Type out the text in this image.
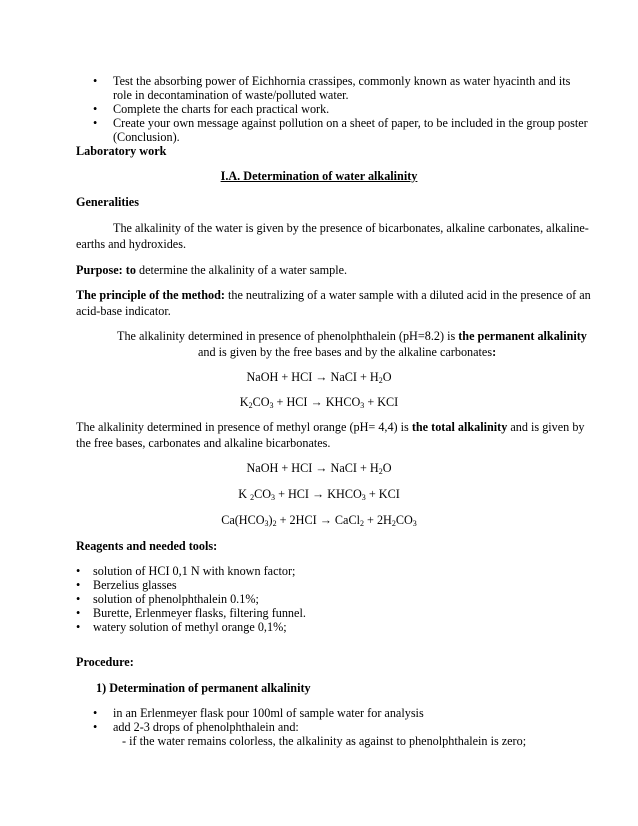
• Test the absorbing power of Eichhornia crassipes, commonly known as water hyacinth and its
role in decontamination of waste/polluted water.
• Complete the charts for each practical work.
• Create your own message against pollution on a sheet of paper, to be included in the group poster
(Conclusion).
Laboratory work
I.A. Determination of water alkalinity
Generalities
The alkalinity of the water is given by the presence of bicarbonates, alkaline carbonates, alkaline-
earths and hydroxides.
Purpose: to determine the alkalinity of a water sample.
The principle of the method: the neutralizing of a water sample with a diluted acid in the presence of an
acid-base indicator.
The alkalinity determined in presence of phenolphthalein (pH=8.2) is the permanent alkalinity
and is given by the free bases and by the alkaline carbonates:
NaOH + HCI → NaCI + $H_2O$
$K_2CO_3$ + HCI → $KHCO_3$ + KCI
The alkalinity determined in presence of methyl orange (pH= 4,4) is the total alkalinity and is given by
the free bases, carbonates and alkaline bicarbonates.
NaOH + HCI → NaCI + $H_2O$
K $_2CO_3$ + HCI → $KHCO_3$ + KCI
$Ca(HCO_3)_2 + 2HCI$ → CaCl$_2$ + $2H_2CO_3$
Reagents and needed tools:
• solution of HCI 0,1 N with known factor;
• Berzelius glasses
• solution of phenolphthalein 0.1%;
• Burette, Erlenmeyer flasks, filtering funnel.
• watery solution of methyl orange 0,1%;
Procedure:
1) Determination of permanent alkalinity
• in an Erlenmeyer flask pour 100ml of sample water for analysis
• add 2-3 drops of phenolphthalein and:
- if the water remains colorless, the alkalinity as against to phenolphthalein is zero;
